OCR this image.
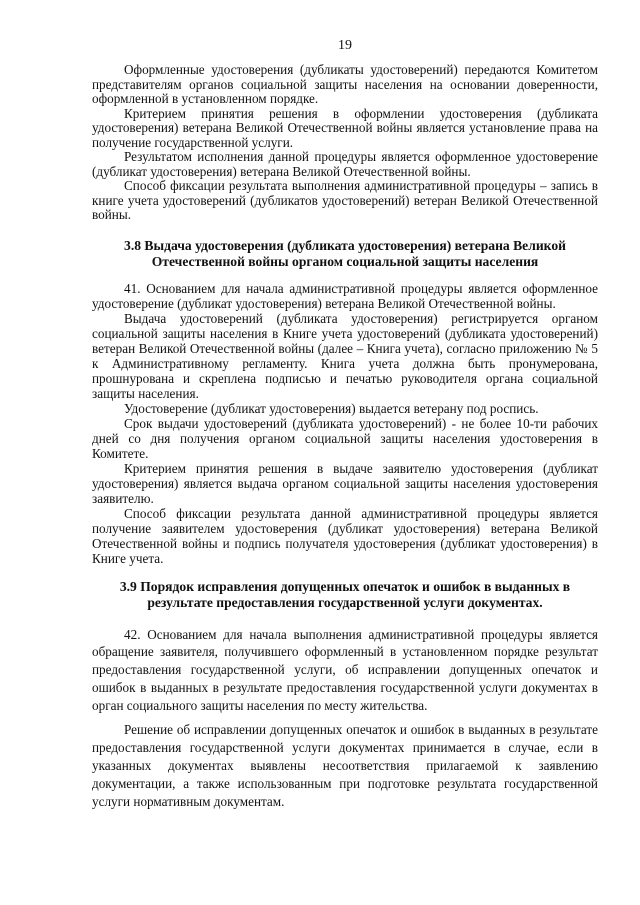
19

Оформленные удостоверения (дубликаты удостоверений) передаются Комитетом представителям органов социальной защиты населения на основании доверенности, оформленной в установленном порядке.

Критерием принятия решения в оформлении удостоверения (дубликата удостоверения) ветерана Великой Отечественной войны является установление права на получение государственной услуги.

Результатом исполнения данной процедуры является оформленное удостоверение (дубликат удостоверения) ветерана Великой Отечественной войны.

Способ фиксации результата выполнения административной процедуры – запись в книге учета удостоверений (дубликатов удостоверений) ветеран Великой Отечественной войны.

3.8 Выдача удостоверения (дубликата удостоверения) ветерана Великой Отечественной войны органом социальной защиты населения

41. Основанием для начала административной процедуры является оформленное удостоверение (дубликат удостоверения) ветерана Великой Отечественной войны.

Выдача удостоверений (дубликата удостоверения) регистрируется органом социальной защиты населения в Книге учета удостоверений (дубликата удостоверений) ветеран Великой Отечественной войны (далее – Книга учета), согласно приложению № 5 к Административному регламенту. Книга учета должна быть пронумерована, прошнурована и скреплена подписью и печатью руководителя органа социальной защиты населения.

Удостоверение (дубликат удостоверения) выдается ветерану под роспись.

Срок выдачи удостоверений (дубликата удостоверений) - не более 10-ти рабочих дней со дня получения органом социальной защиты населения удостоверения в Комитете.

Критерием принятия решения в выдаче заявителю удостоверения (дубликат удостоверения) является выдача органом социальной защиты населения удостоверения заявителю.

Способ фиксации результата данной административной процедуры является получение заявителем удостоверения (дубликат удостоверения) ветерана Великой Отечественной войны и подпись получателя удостоверения (дубликат удостоверения) в Книге учета.

3.9 Порядок исправления допущенных опечаток и ошибок в выданных в результате предоставления государственной услуги документах.

42. Основанием для начала выполнения административной процедуры является обращение заявителя, получившего оформленный в установленном порядке результат предоставления государственной услуги, об исправлении допущенных опечаток и ошибок в выданных в результате предоставления государственной услуги документах в орган социального защиты населения по месту жительства.

Решение об исправлении допущенных опечаток и ошибок в выданных в результате предоставления государственной услуги документах принимается в случае, если в указанных документах выявлены несоответствия прилагаемой к заявлению документации, а также использованным при подготовке результата государственной услуги нормативным документам.
